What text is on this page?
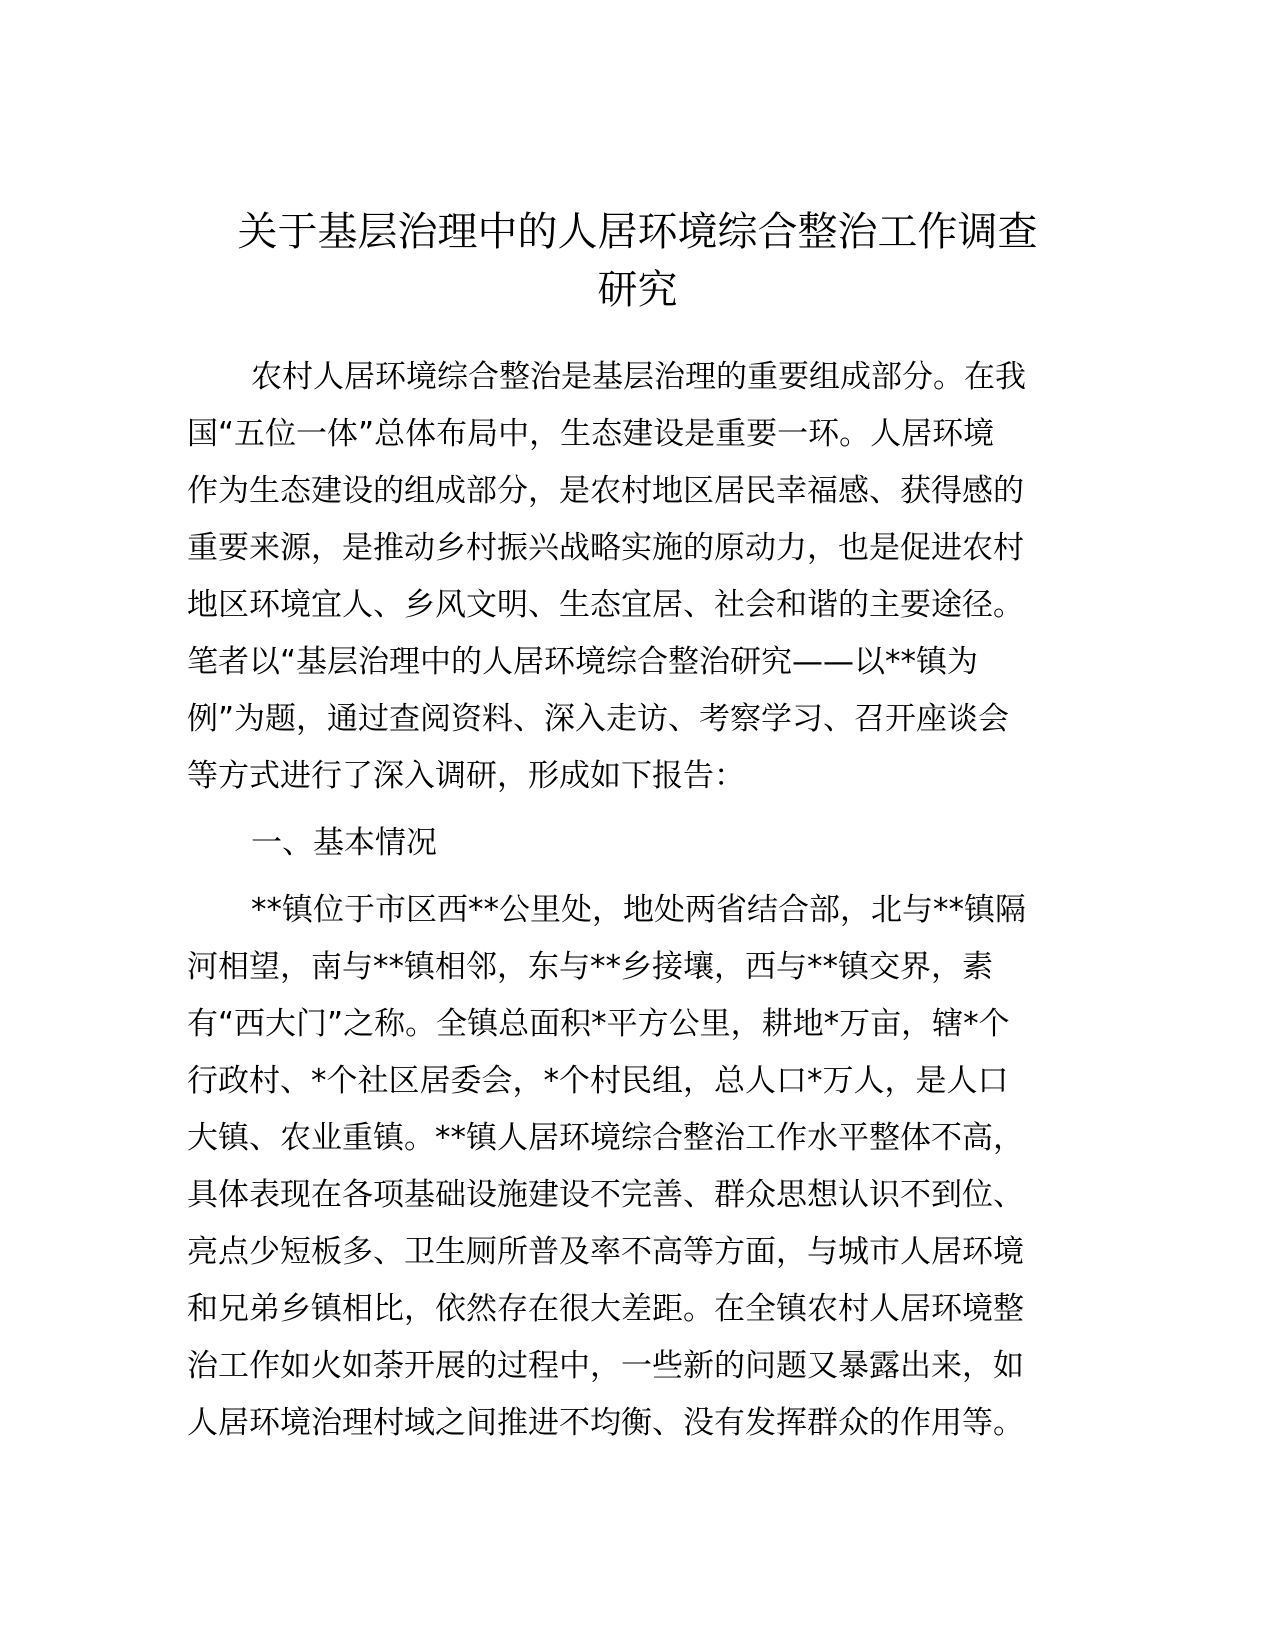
关于基层治理中的人居环境综合整治工作调查
研究

农村人居环境综合整治是基层治理的重要组成部分。在我

国“五位一体”总体布局中，生态建设是重要一环。人居环境
作为生态建设的组成部分，是农村地区居民幸福感、获得感的
重要来源，是推动乡村振兴战略实施的原动力，也是促进农村
地区环境宜人、乡风文明、生态宜居、社会和谐的主要途径。
笔者以“基层治理中的人居环境综合整治研究——以**镇为
例”为题，通过查阅资料、深入走访、考察学习、召开座谈会
等方式进行了深入调研，形成如下报告：

一、基本情况

**镇位于市区西**公里处，地处两省结合部，北与**镇隔

河相望，南与**镇相邻，东与**乡接壤，西与**镇交界，素
有“西大门”之称。全镇总面积*平方公里，耕地*万亩，辖*个
行政村、*个社区居委会，*个村民组，总人口*万人，是人口
大镇、农业重镇。**镇人居环境综合整治工作水平整体不高，
具体表现在各项基础设施建设不完善、群众思想认识不到位、
亮点少短板多、卫生厕所普及率不高等方面，与城市人居环境
和兄弟乡镇相比，依然存在很大差距。在全镇农村人居环境整
治工作如火如荼开展的过程中，一些新的问题又暴露出来，如
人居环境治理村域之间推进不均衡、没有发挥群众的作用等。
